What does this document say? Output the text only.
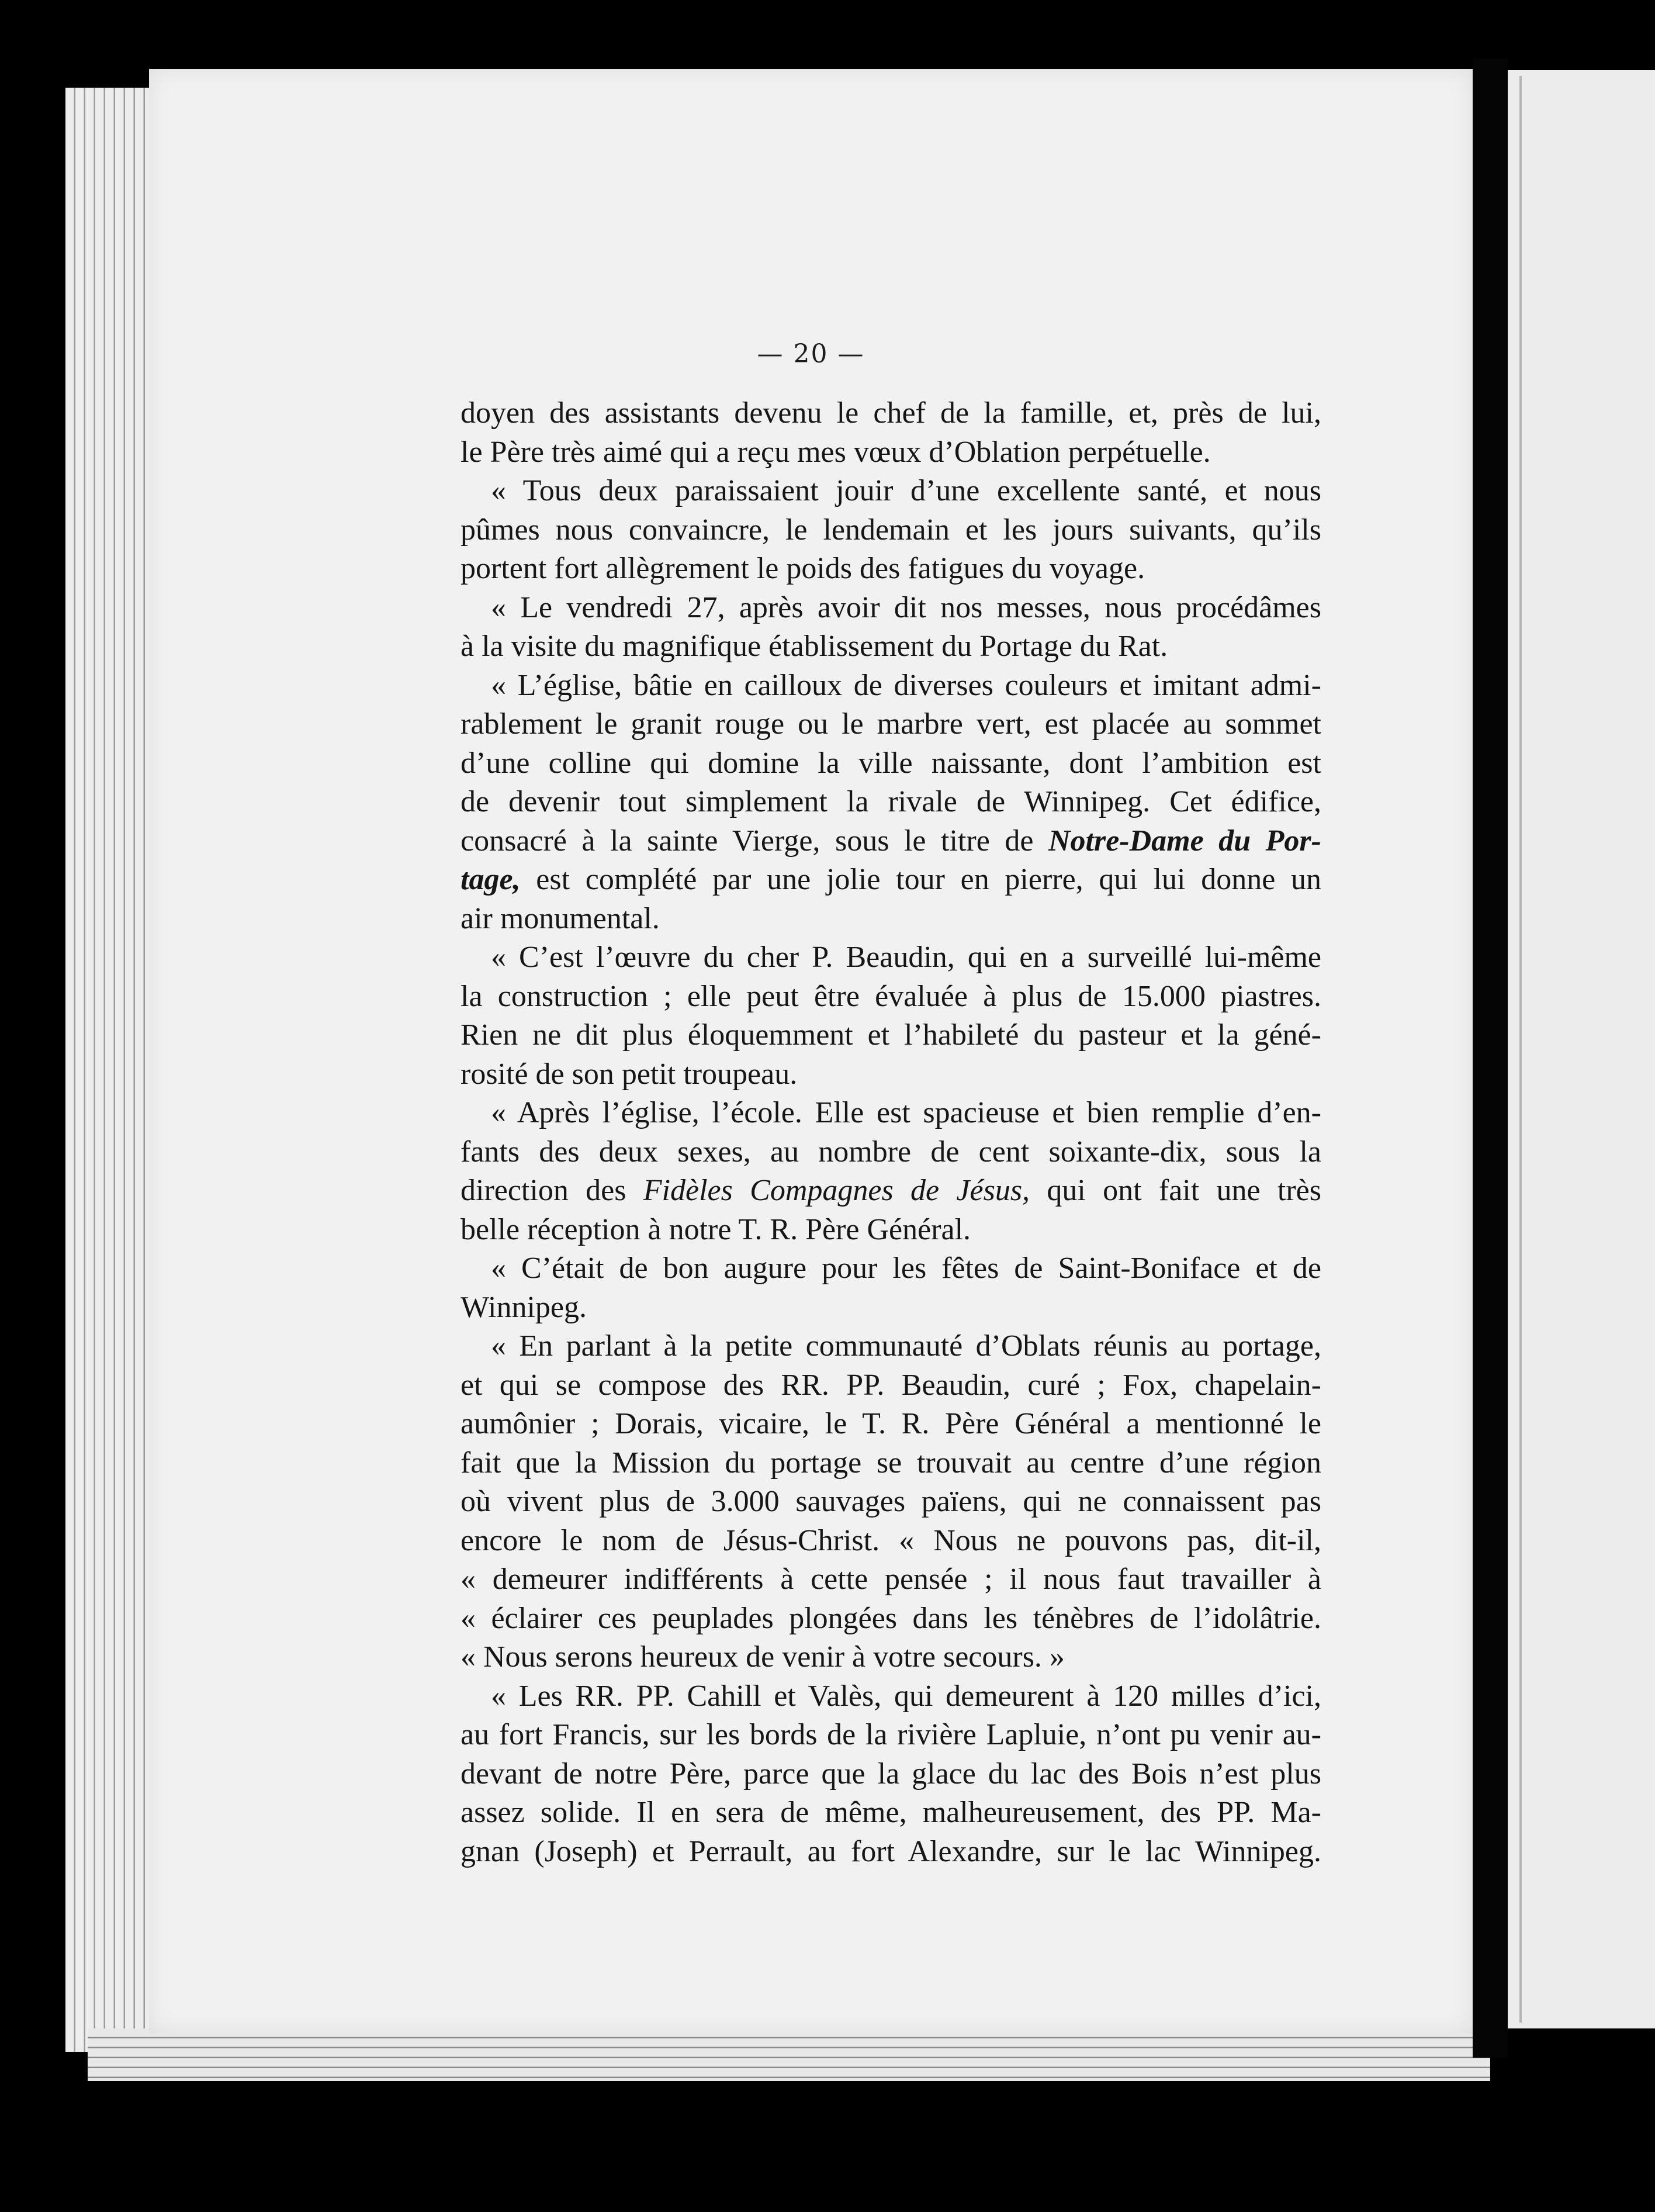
— 20 —
doyen des assistants devenu le chef de la famille, et, près de lui,
le Père très aimé qui a reçu mes vœux d’Oblation perpétuelle.
« Tous deux paraissaient jouir d’une excellente santé, et nous
pûmes nous convaincre, le lendemain et les jours suivants, qu’ils
portent fort allègrement le poids des fatigues du voyage.
« Le vendredi 27, après avoir dit nos messes, nous procédâmes
à la visite du magnifique établissement du Portage du Rat.
« L’église, bâtie en cailloux de diverses couleurs et imitant admi-
rablement le granit rouge ou le marbre vert, est placée au sommet
d’une colline qui domine la ville naissante, dont l’ambition est
de devenir tout simplement la rivale de Winnipeg. Cet édifice,
consacré à la sainte Vierge, sous le titre de Notre-Dame du Por-
tage, est complété par une jolie tour en pierre, qui lui donne un
air monumental.
« C’est l’œuvre du cher P. Beaudin, qui en a surveillé lui-même
la construction ; elle peut être évaluée à plus de 15.000 piastres.
Rien ne dit plus éloquemment et l’habileté du pasteur et la géné-
rosité de son petit troupeau.
« Après l’église, l’école. Elle est spacieuse et bien remplie d’en-
fants des deux sexes, au nombre de cent soixante-dix, sous la
direction des Fidèles Compagnes de Jésus, qui ont fait une très
belle réception à notre T. R. Père Général.
« C’était de bon augure pour les fêtes de Saint-Boniface et de
Winnipeg.
« En parlant à la petite communauté d’Oblats réunis au portage,
et qui se compose des RR. PP. Beaudin, curé ; Fox, chapelain-
aumônier ; Dorais, vicaire, le T. R. Père Général a mentionné le
fait que la Mission du portage se trouvait au centre d’une région
où vivent plus de 3.000 sauvages païens, qui ne connaissent pas
encore le nom de Jésus-Christ. « Nous ne pouvons pas, dit-il,
« demeurer indifférents à cette pensée ; il nous faut travailler à
« éclairer ces peuplades plongées dans les ténèbres de l’idolâtrie.
« Nous serons heureux de venir à votre secours. »
« Les RR. PP. Cahill et Valès, qui demeurent à 120 milles d’ici,
au fort Francis, sur les bords de la rivière Lapluie, n’ont pu venir au-
devant de notre Père, parce que la glace du lac des Bois n’est plus
assez solide. Il en sera de même, malheureusement, des PP. Ma-
gnan (Joseph) et Perrault, au fort Alexandre, sur le lac Winnipeg.
